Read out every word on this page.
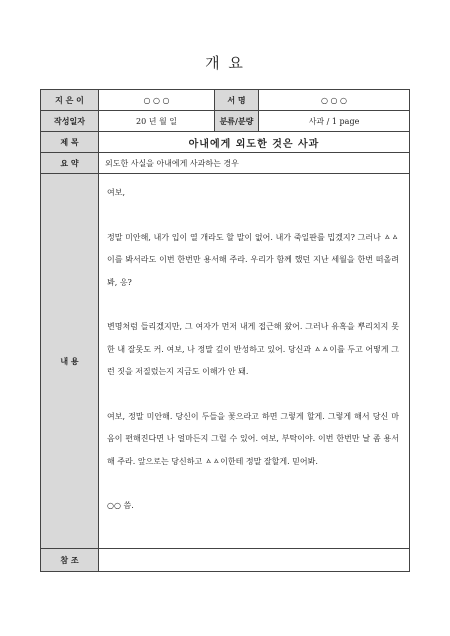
개 요
지 은 이	○ ○ ○	서 명	○ ○ ○
작성일자	20 년 월 일	분류/분량	사과 / 1 page
제 목	아내에게 외도한 것은 사과		
요 약	외도한 사실을 아내에게 사과하는 경우		
내 용	여보,

정말 미안해, 내가 입이 열 개라도 할 말이 없어. 내가 죽일판를 밉겠지? 그러나 ㅿㅿ이를 봐서라도 이번 한번만 용서해 주라. 우리가 함께 했던 지난 세월을 한번 떠올려봐, 응?

변명처럼 들리겠지만, 그 여자가 먼저 내게 접근해 왔어. 그러나 유혹을 뿌리치지 못한 내 잘못도 커. 여보, 나 정말 깊이 반성하고 있어. 당신과 ㅿㅿ이를 두고 어떻게 그런 짓을 저질렀는지 지금도 이해가 안 돼.

여보, 정말 미안해. 당신이 두들을 꽃으라고 하면 그렇게 할게. 그렇게 해서 당신 마음이 편해진다면 나 얼마든지 그럴 수 있어. 여보, 부탁이야. 이번 한번만 날 좀 용서해 주라. 앞으로는 당신하고 ㅿㅿ이한테 정말 잘할게. 믿어봐.

○○ 씀.		

참 조			
